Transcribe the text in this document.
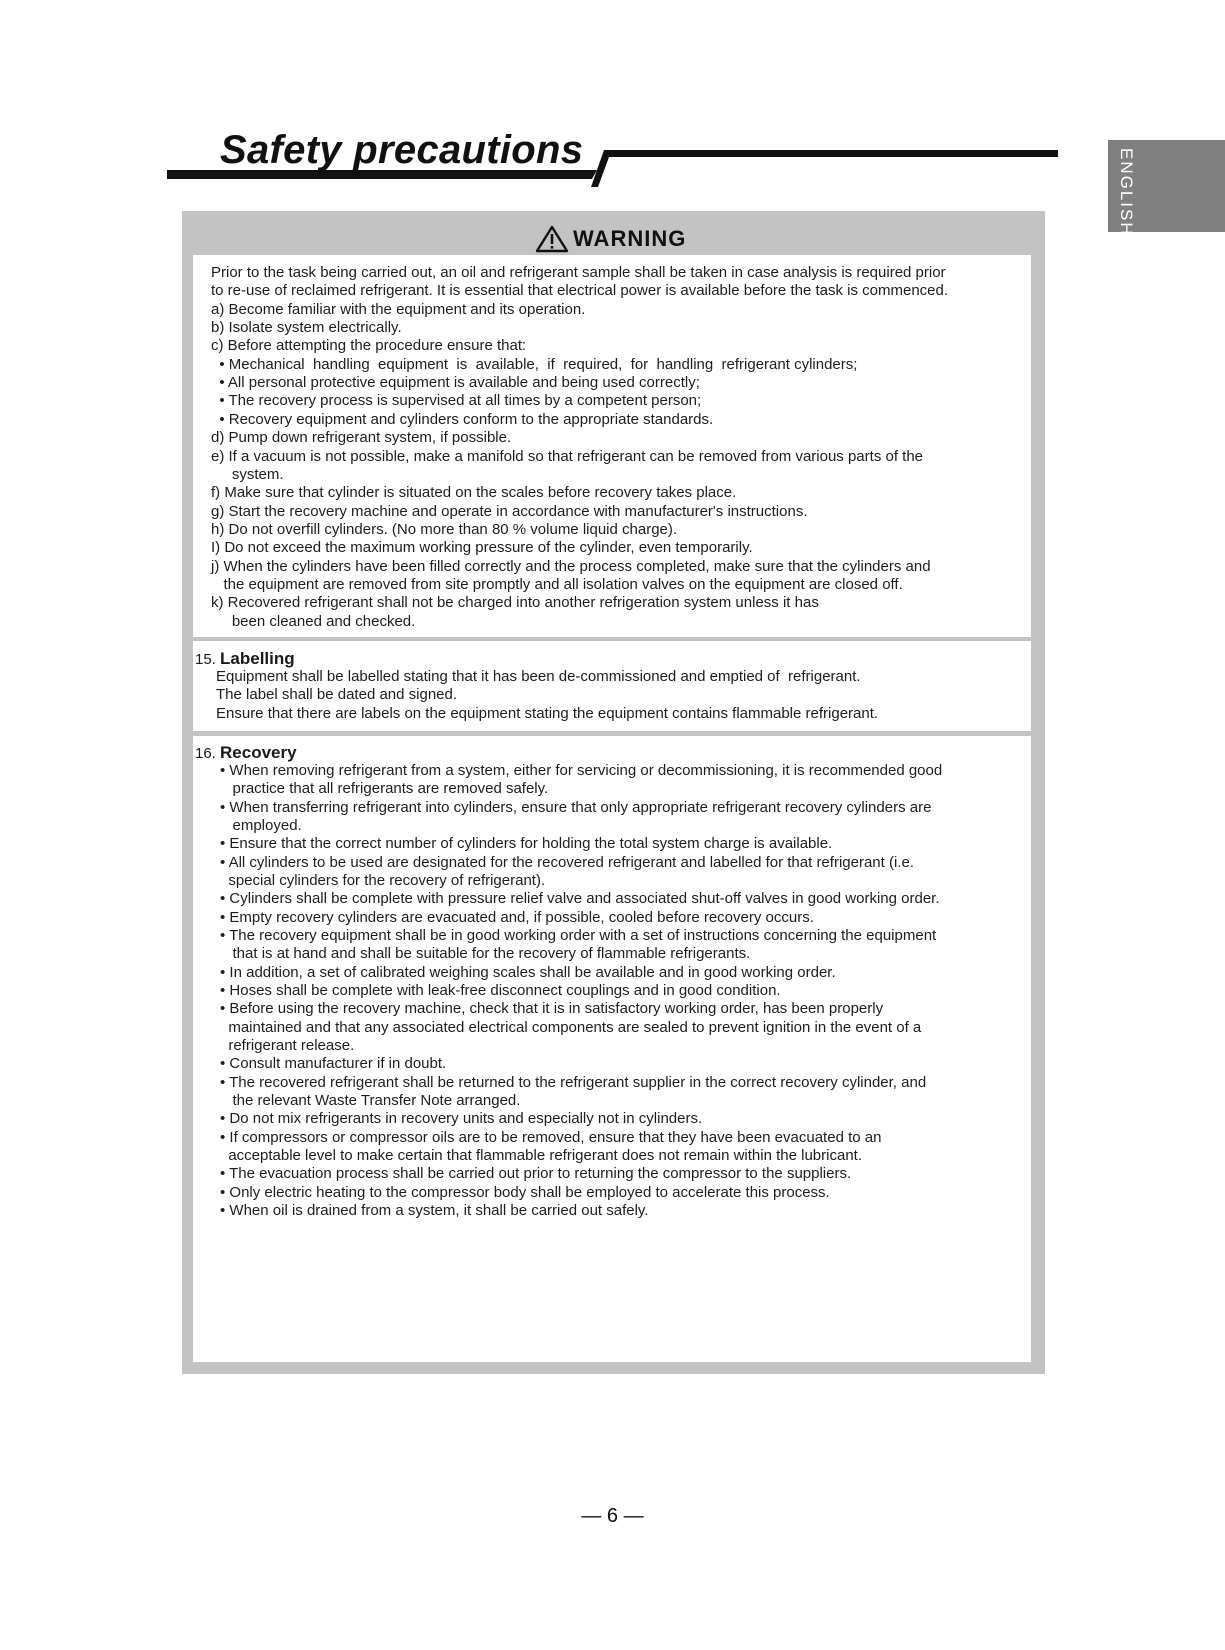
Safety precautions	ENGLISH
WARNING
Prior to the task being carried out, an oil and refrigerant sample shall be taken in case analysis is required prior
to re-use of reclaimed refrigerant. It is essential that electrical power is available before the task is commenced.
a) Become familiar with the equipment and its operation.
b) Isolate system electrically.
c) Before attempting the procedure ensure that:
• Mechanical  handling  equipment  is  available,  if  required,  for  handling  refrigerant cylinders;
• All personal protective equipment is available and being used correctly;
• The recovery process is supervised at all times by a competent person;
• Recovery equipment and cylinders conform to the appropriate standards.
d) Pump down refrigerant system, if possible.
e) If a vacuum is not possible, make a manifold so that refrigerant can be removed from various parts of the
system.
f) Make sure that cylinder is situated on the scales before recovery takes place.
g) Start the recovery machine and operate in accordance with manufacturer's instructions.
h) Do not overfill cylinders. (No more than 80 % volume liquid charge).
I) Do not exceed the maximum working pressure of the cylinder, even temporarily.
j) When the cylinders have been filled correctly and the process completed, make sure that the cylinders and
the equipment are removed from site promptly and all isolation valves on the equipment are closed off.
k) Recovered refrigerant shall not be charged into another refrigeration system unless it has
been cleaned and checked.
15. Labelling
Equipment shall be labelled stating that it has been de-commissioned and emptied of  refrigerant.
The label shall be dated and signed.
Ensure that there are labels on the equipment stating the equipment contains flammable refrigerant.
16. Recovery
• When removing refrigerant from a system, either for servicing or decommissioning, it is recommended good
practice that all refrigerants are removed safely.
• When transferring refrigerant into cylinders, ensure that only appropriate refrigerant recovery cylinders are
employed.
• Ensure that the correct number of cylinders for holding the total system charge is available.
• All cylinders to be used are designated for the recovered refrigerant and labelled for that refrigerant (i.e.
special cylinders for the recovery of refrigerant).
• Cylinders shall be complete with pressure relief valve and associated shut-off valves in good working order.
• Empty recovery cylinders are evacuated and, if possible, cooled before recovery occurs.
• The recovery equipment shall be in good working order with a set of instructions concerning the equipment
that is at hand and shall be suitable for the recovery of flammable refrigerants.
• In addition, a set of calibrated weighing scales shall be available and in good working order.
• Hoses shall be complete with leak-free disconnect couplings and in good condition.
• Before using the recovery machine, check that it is in satisfactory working order, has been properly
maintained and that any associated electrical components are sealed to prevent ignition in the event of a
refrigerant release.
• Consult manufacturer if in doubt.
• The recovered refrigerant shall be returned to the refrigerant supplier in the correct recovery cylinder, and
the relevant Waste Transfer Note arranged.
• Do not mix refrigerants in recovery units and especially not in cylinders.
• If compressors or compressor oils are to be removed, ensure that they have been evacuated to an
acceptable level to make certain that flammable refrigerant does not remain within the lubricant.
• The evacuation process shall be carried out prior to returning the compressor to the suppliers.
• Only electric heating to the compressor body shall be employed to accelerate this process.
• When oil is drained from a system, it shall be carried out safely.
— 6 —
